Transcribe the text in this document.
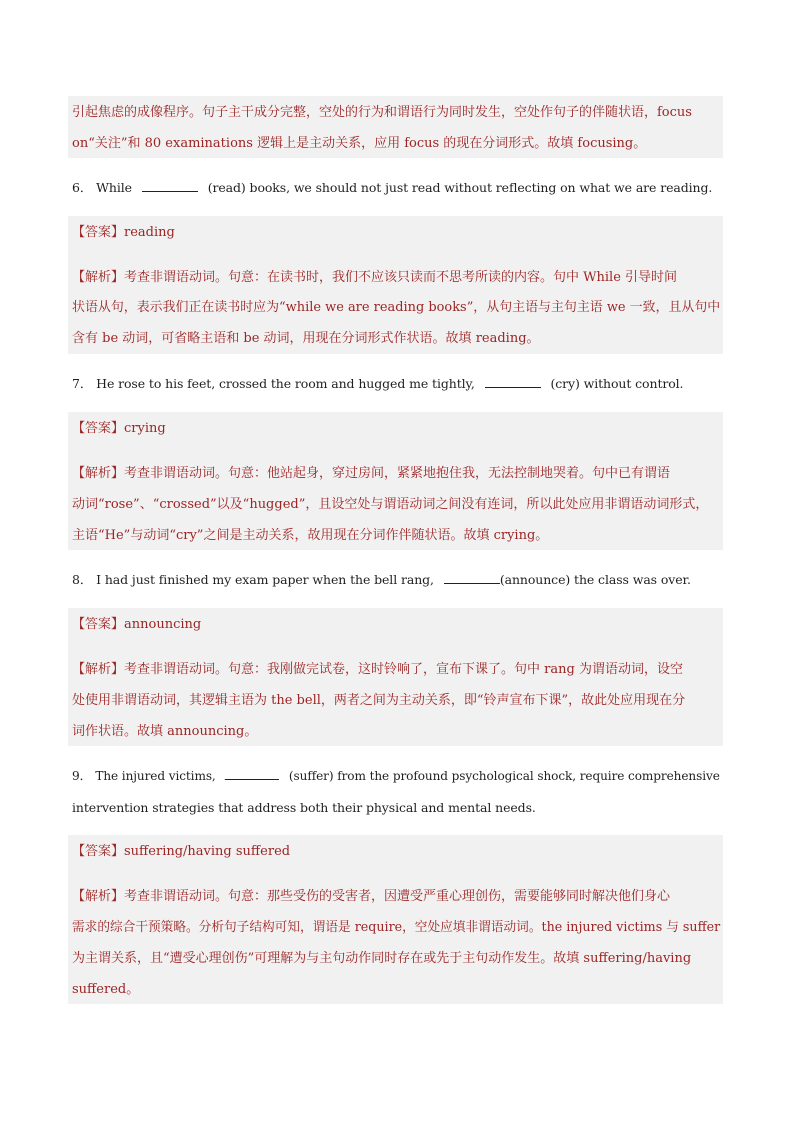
引起焦虑的成像程序。句子主干成分完整，空处的行为和谓语行为同时发生，空处作句子的伴随状语，focus
on“关注”和 80 examinations 逻辑上是主动关系，应用 focus 的现在分词形式。故填 focusing。
6． While	(read) books, we should not just read without reflecting on what we are reading.
【答案】reading
【解析】考查非谓语动词。句意：在读书时，我们不应该只读而不思考所读的内容。句中 While 引导时间
状语从句，表示我们正在读书时应为“while we are reading books”，从句主语与主句主语 we 一致，且从句中
含有 be 动词，可省略主语和 be 动词，用现在分词形式作状语。故填 reading。
7． He rose to his feet, crossed the room and hugged me tightly,	(cry) without control.
【答案】crying
【解析】考查非谓语动词。句意：他站起身，穿过房间，紧紧地抱住我，无法控制地哭着。句中已有谓语
动词“rose”、“crossed”以及“hugged”，且设空处与谓语动词之间没有连词，所以此处应用非谓语动词形式，
主语“He”与动词“cry”之间是主动关系，故用现在分词作伴随状语。故填 crying。
8． I had just finished my exam paper when the bell rang,	(announce) the class was over.
【答案】announcing
【解析】考查非谓语动词。句意：我刚做完试卷，这时铃响了，宣布下课了。句中 rang 为谓语动词，设空
处使用非谓语动词，其逻辑主语为 the bell，两者之间为主动关系，即“铃声宣布下课”，故此处应用现在分
词作状语。故填 announcing。
9． The injured victims,	(suffer) from the profound psychological shock, require comprehensive
intervention strategies that address both their physical and mental needs.
【答案】suffering/having suffered
【解析】考查非谓语动词。句意：那些受伤的受害者，因遭受严重心理创伤，需要能够同时解决他们身心
需求的综合干预策略。分析句子结构可知，谓语是 require，空处应填非谓语动词。the injured victims 与 suffer
为主谓关系，且“遭受心理创伤”可理解为与主句动作同时存在或先于主句动作发生。故填 suffering/having
suffered。
